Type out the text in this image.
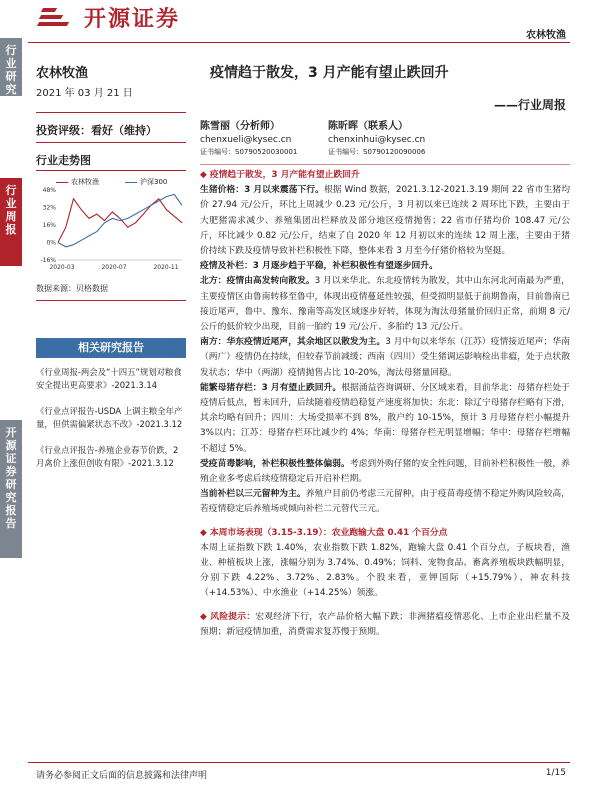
开源证券
农林牧渔
行
业
研
究
行
业
周
报
开
源
证
券
研
究
报
告
农林牧渔
2021 年 03 月 21 日
投资评级：看好（维持）
行业走势图
农林牧渔	沪深300
48%
32%
16%
0%
-16%
2020-03	2020-07	2020-11
数据来源：贝格数据
相关研究报告
《行业周报-两会及“十四五”规划对粮食安全提出更高要求》-2021.3.14
《行业点评报告-USDA 上调主粮全年产量，但供需偏紧状态不改》-2021.3.12
《行业点评报告-养殖企业春节价跌，2 月禽价上涨但创收有限》-2021.3.12
疫情趋于散发，3 月产能有望止跌回升
——行业周报
陈雪丽（分析师）
chenxueli@kysec.cn
证书编号：S0790520030001
陈昕晖（联系人）
chenxinhui@kysec.cn
证书编号：S0790120090006
◆ 疫情趋于散发，3 月产能有望止跌回升
生猪价格：3 月以来震荡下行。根据 Wind 数据，2021.3.12-2021.3.19 期间 22 省市生猪均价 27.94 元/公斤，环比上周减少 0.23 元/公斤，3 月初以来已连续 2 周环比下跌，主要由于大肥猪需求减少、养殖集团出栏释放及部分地区疫情抛售；22 省市仔猪均价 108.47 元/公斤，环比减少 0.82 元/公斤，结束了自 2020 年 12 月初以来的连续 12 周上涨，主要由于猪价持续下跌及疫情导致补栏积极性下降，整体来看 3 月至今仔猪价格较为坚挺。
疫情及补栏：3 月逐步趋于平稳，补栏积极性有望逐步回升。
北方：疫情由高发转向散发。3 月以来华北、东北疫情转为散发，其中山东河北河南最为严重，主要疫情区由鲁南转移至鲁中，体现出疫情蔓延性较强，但受损明显低于前期鲁南，目前鲁南已接近尾声，鲁中、豫东、豫南等高发区域逐步好转，体现为淘汰母猪量价回归正常，前期 8 元/公斤的低价较少出现，目前一胎约 19 元/公斤、多胎约 13 元/公斤。
南方：华东疫情近尾声，其余地区以散发为主。3 月中旬以来华东（江苏）疫情接近尾声；华南（两广）疫情仍在持续，但较春节前减缓；西南（四川）受生猪调运影响检出非瘟，处于点状散发状态；华中（两湖）疫情抛售占比 10-20%，淘汰母猪量回稳。
能繁母猪存栏：3 月有望止跌回升。根据涌益咨询调研、分区域来看，目前华北：母猪存栏处于疫情后低点，暂未回升，后续随着疫情趋稳复产速度将加快；东北：除辽宁母猪存栏略有下滑，其余均略有回升；四川：大场受损率不到 8%，散户约 10-15%，预计 3 月母猪存栏小幅提升 3%以内；江苏：母猪存栏环比减少约 4%；华南：母猪存栏无明显增幅；华中：母猪存栏增幅不超过 5%。
受疫苗毒影响，补栏积极性整体偏弱。考虑到外购仔猪的安全性问题，目前补栏积极性一般，养殖企业多考虑后续疫情稳定后开启补栏期。
当前补栏以三元留种为主。养殖户目前仍考虑三元留种，由于疫苗毒疫情不稳定外购风险较高，若疫情稳定后养殖场或倾向补栏二元替代三元。
◆ 本周市场表现（3.15-3.19）：农业跑输大盘 0.41 个百分点
本周上证指数下跌 1.40%，农业指数下跌 1.82%，跑输大盘 0.41 个百分点，子板块看，渔业、种植板块上涨，涨幅分别为 3.74%、0.49%；饲料、宠物食品、畜禽养殖板块跌幅明显，分别下跌 4.22%、3.72%、2.83%。个股来看，亚钾国际（+15.79%）、神农科技（+14.53%）、中水渔业（+14.25%）领涨。
◆ 风险提示：宏观经济下行，农产品价格大幅下跌；非洲猪瘟疫情恶化、上市企业出栏量不及预期；新冠疫情加重，消费需求复苏慢于预期。
请务必参阅正文后面的信息披露和法律声明	1/15
